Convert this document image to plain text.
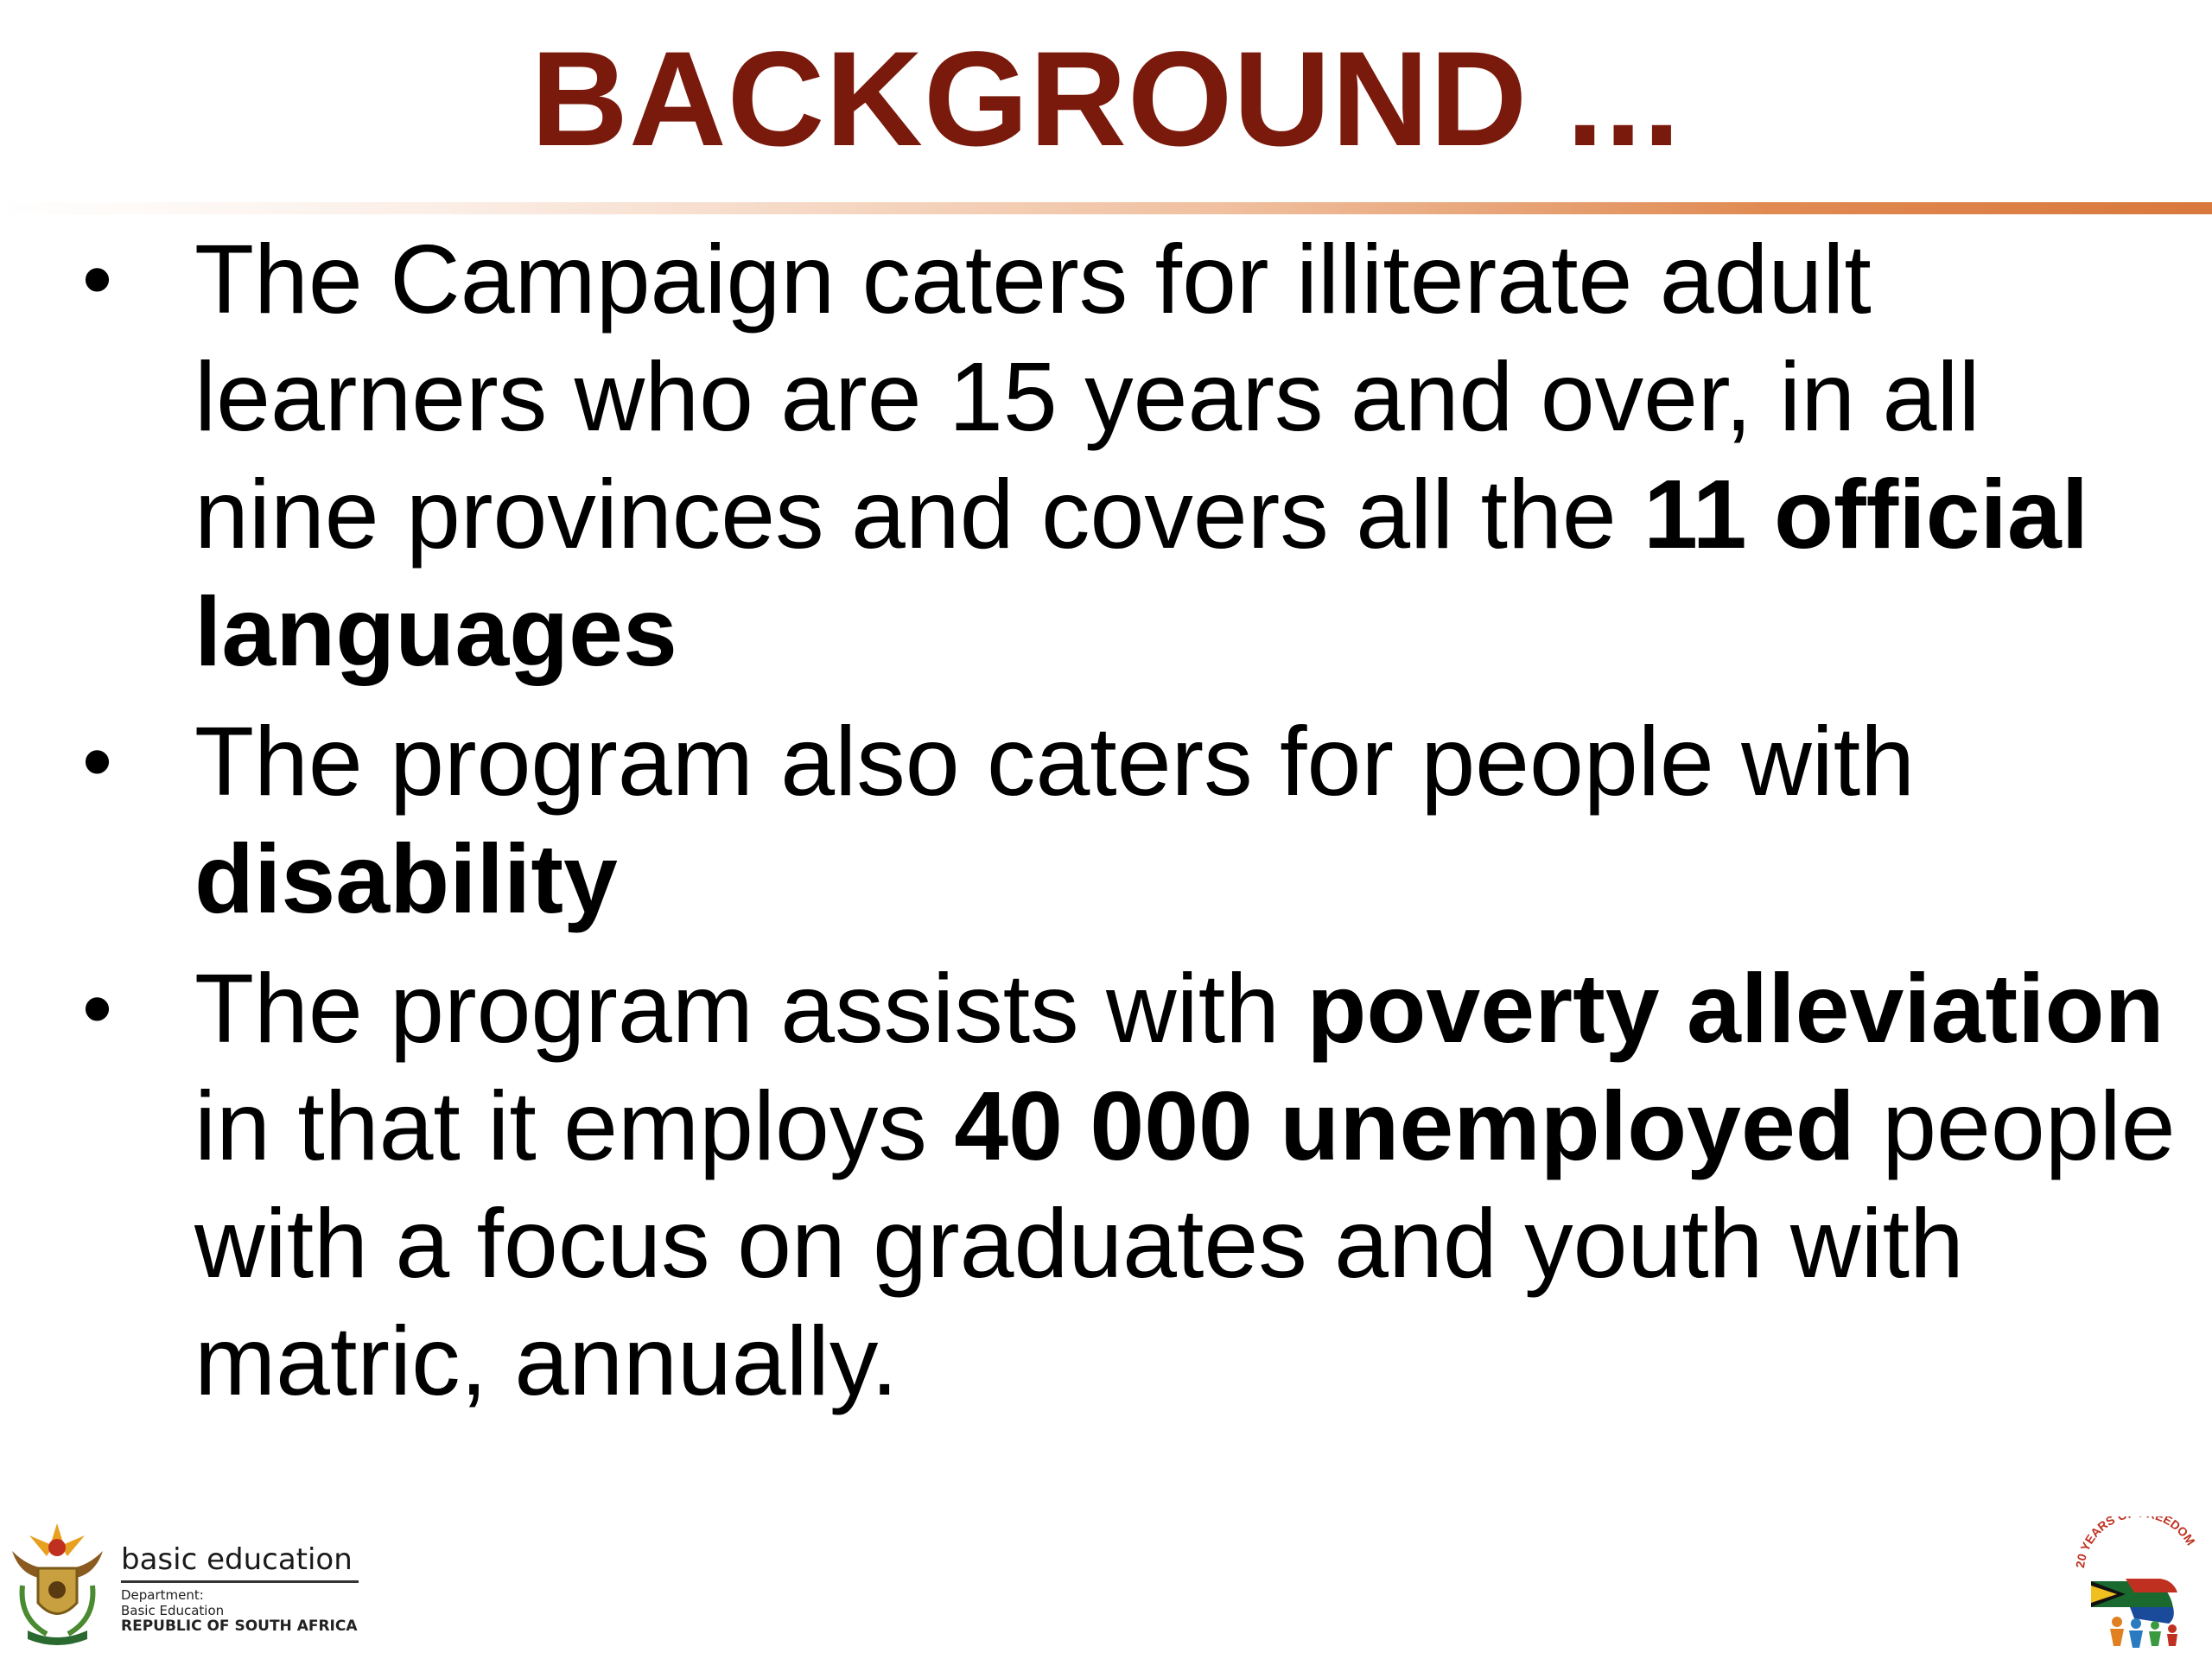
BACKGROUND ...
• The Campaign caters for illiterate adult learners who are 15 years and over, in all nine provinces and covers all the 11 official languages
• The program also caters for people with disability
• The program assists with poverty alleviation in that it employs 40 000 unemployed people with a focus on graduates and youth with matric, annually.
basic education
Department:
Basic Education
REPUBLIC OF SOUTH AFRICA
20 YEARS EDOM
